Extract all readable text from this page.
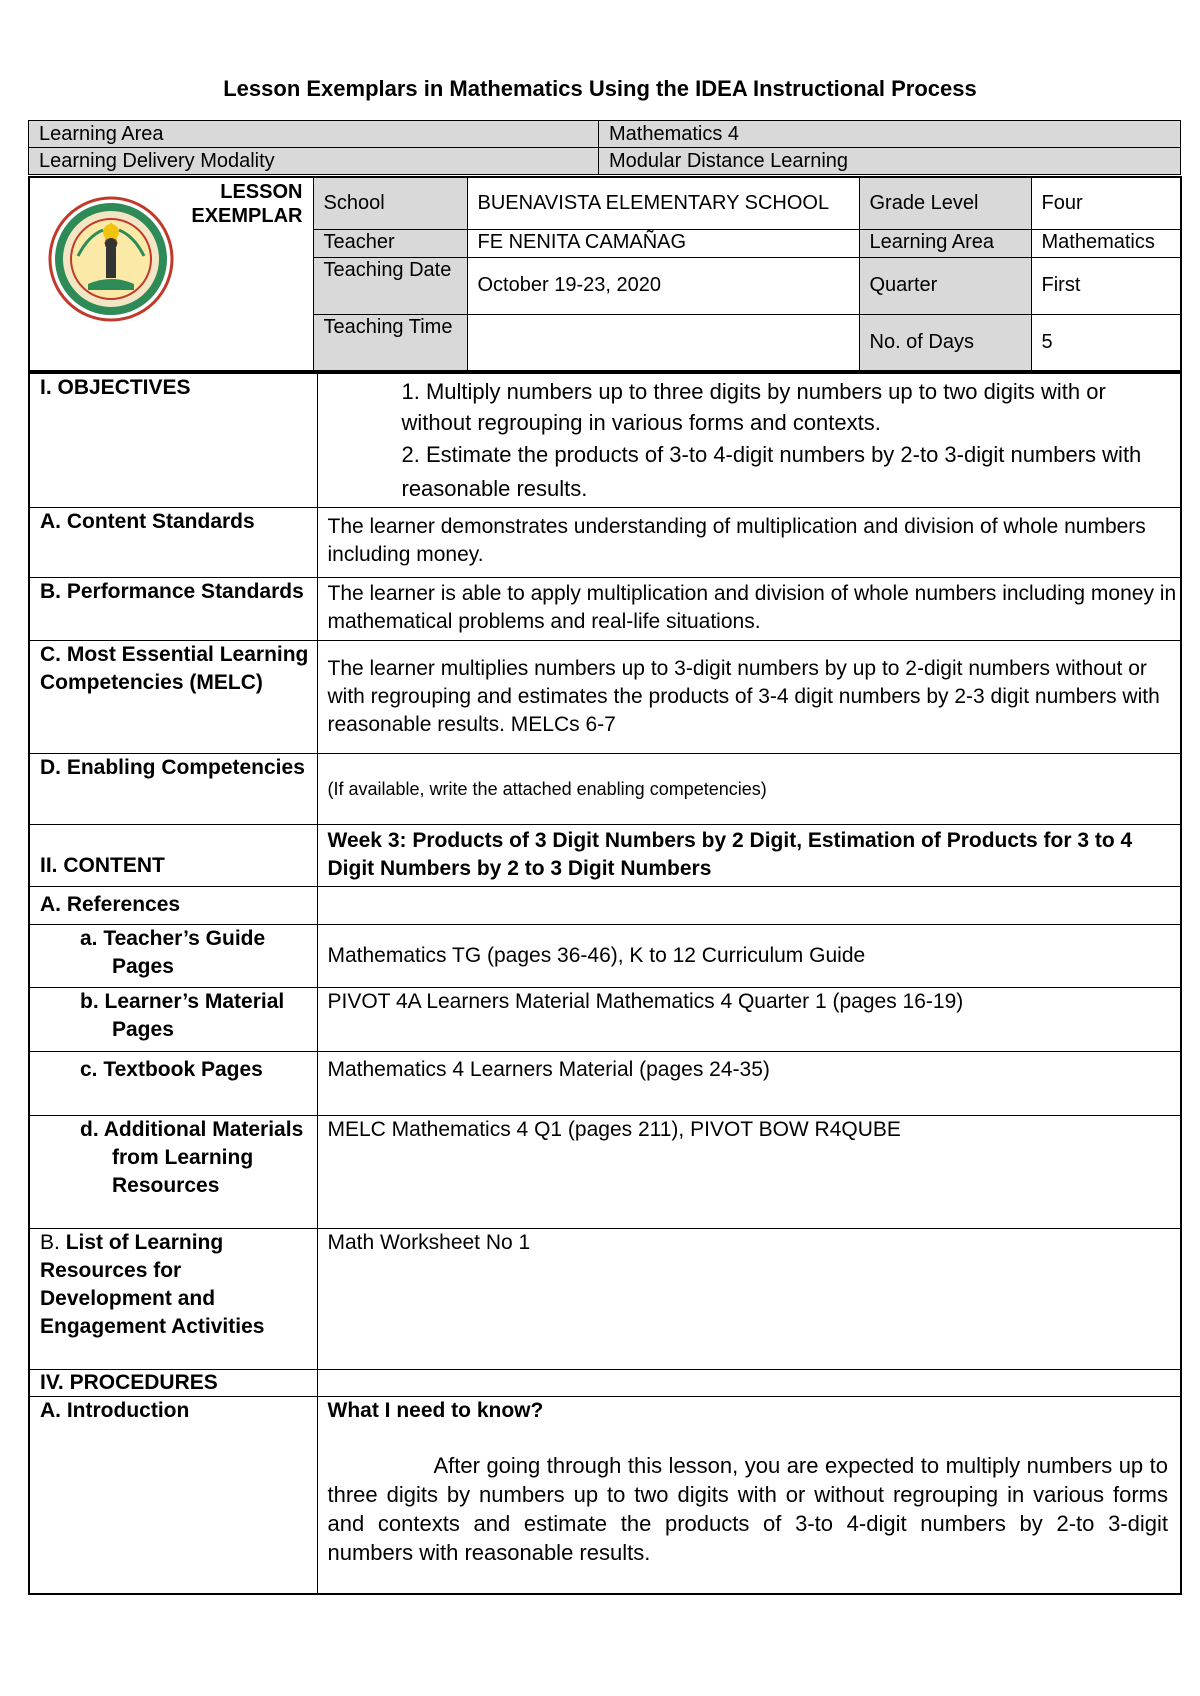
Lesson Exemplars in Mathematics Using the IDEA Instructional Process
Learning Area	Mathematics 4
Learning Delivery Modality	Modular Distance Learning
LESSON
EXEMPLAR	School	BUENAVISTA ELEMENTARY SCHOOL	Grade Level	Four
	Teacher	FE NENITA CAMAÑAG	Learning Area	Mathematics
	Teaching Date	October 19-23, 2020	Quarter	First
	Teaching Time		No. of Days	5
I. OBJECTIVES	1. Multiply numbers up to three digits by numbers up to two digits with or without regrouping in various forms and contexts.

2. Estimate the products of 3-to 4-digit numbers by 2-to 3-digit numbers with reasonable results.

A. Content Standards	The learner demonstrates understanding of multiplication and division of whole numbers including money.
B. Performance Standards	The learner is able to apply multiplication and division of whole numbers including money in mathematical problems and real-life situations.
C. Most Essential Learning Competencies (MELC)	The learner multiplies numbers up to 3-digit numbers by up to 2-digit numbers without or with regrouping and estimates the products of 3-4 digit numbers by 2-3 digit numbers with reasonable results. MELCs 6-7
D. Enabling Competencies	(If available, write the attached enabling competencies)
II. CONTENT	Week 3: Products of 3 Digit Numbers by 2 Digit, Estimation of Products for 3 to 4 Digit Numbers by 2 to 3 Digit Numbers
A. References	
a. Teacher’s Guide Pages	Mathematics TG (pages 36-46), K to 12 Curriculum Guide
b. Learner’s Material Pages	PIVOT 4A Learners Material Mathematics 4 Quarter 1 (pages 16-19)
c. Textbook Pages	Mathematics 4 Learners Material (pages 24-35)
d. Additional Materials from Learning Resources	MELC Mathematics 4 Q1 (pages 211), PIVOT BOW R4QUBE
B. List of Learning Resources for Development and Engagement Activities	Math Worksheet No 1
IV. PROCEDURES	
A. Introduction	What I need to know?

After going through this lesson, you are expected to multiply numbers up to three digits by numbers up to two digits with or without regrouping in various forms and contexts and estimate the products of 3-to 4-digit numbers by 2-to 3-digit numbers with reasonable results.
